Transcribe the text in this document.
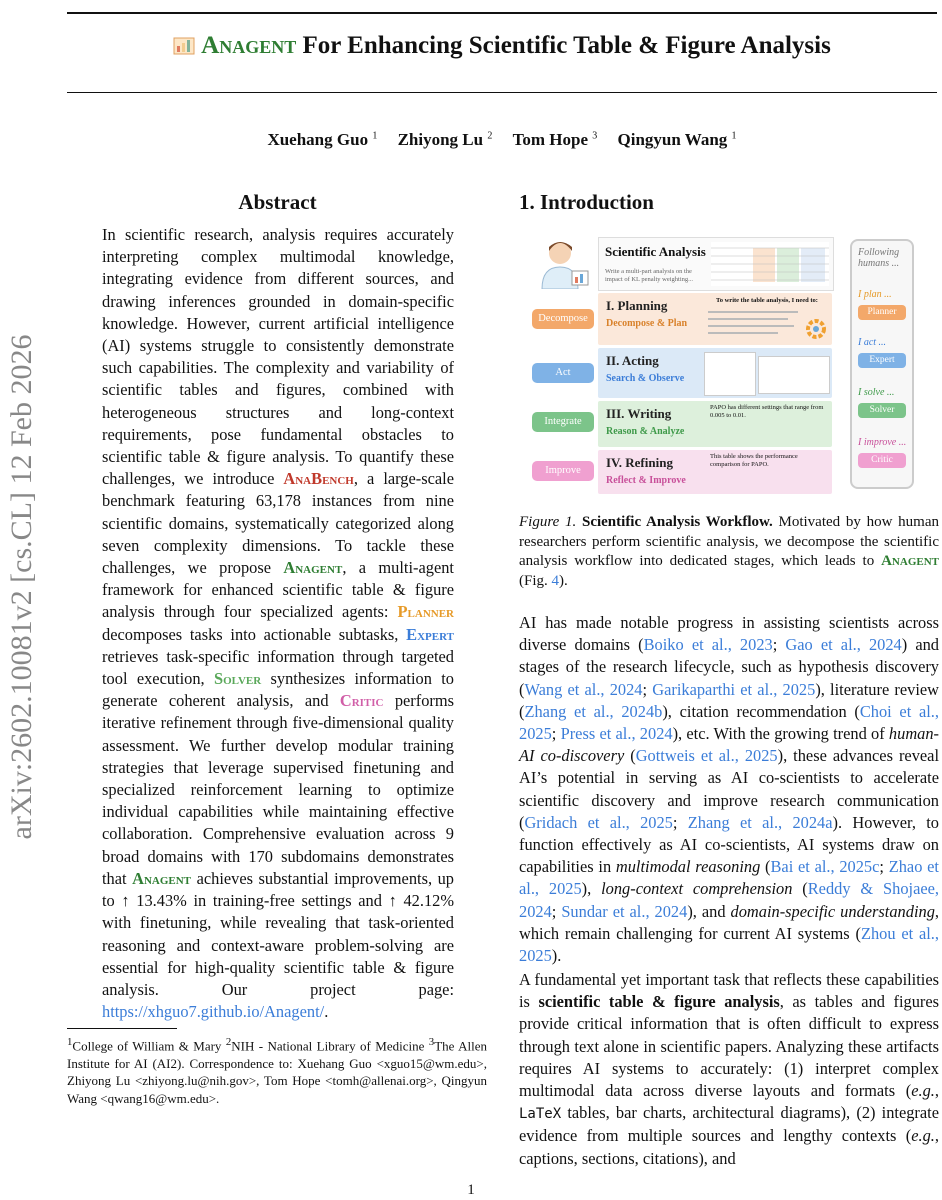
arXiv:2602.10081v2 [cs.CL] 12 Feb 2026
Anagent For Enhancing Scientific Table & Figure Analysis
Xuehang Guo $^1$ Zhiyong Lu $^2$ Tom Hope $^3$ Qingyun Wang $^1$
Abstract
In scientific research, analysis requires accurately interpreting complex multimodal knowledge, integrating evidence from different sources, and drawing inferences grounded in domain-specific knowledge. However, current artificial intelligence (AI) systems struggle to consistently demonstrate such capabilities. The complexity and variability of scientific tables and figures, combined with heterogeneous structures and long-context requirements, pose fundamental obstacles to scientific table & figure analysis. To quantify these challenges, we introduce AnaBench, a large-scale benchmark featuring 63,178 instances from nine scientific domains, systematically categorized along seven complexity dimensions. To tackle these challenges, we propose Anagent, a multi-agent framework for enhanced scientific table & figure analysis through four specialized agents: Planner decomposes tasks into actionable subtasks, Expert retrieves task-specific information through targeted tool execution, Solver synthesizes information to generate coherent analysis, and Critic performs iterative refinement through five-dimensional quality assessment. We further develop modular training strategies that leverage supervised finetuning and specialized reinforcement learning to optimize individual capabilities while maintaining effective collaboration. Comprehensive evaluation across 9 broad domains with 170 subdomains demonstrates that Anagent achieves substantial improvements, up to ↑ 13.43% in training-free settings and ↑ 42.12% with finetuning, while revealing that task-oriented reasoning and context-aware problem-solving are essential for high-quality scientific table & figure analysis. Our project page: https://xhguo7.github.io/Anagent/.
$^1$College of William & Mary $^2$NIH - National Library of Medicine $^3$The Allen Institute for AI (AI2). Correspondence to: Xuehang Guo <xguo15@wm.edu>, Zhiyong Lu <zhiyong.lu@nih.gov>, Tom Hope <tomh@allenai.org>, Qingyun Wang <qwang16@wm.edu>.
1. Introduction
Scientific Analysis
Write a multi-part analysis on the impact of KL penalty weighting...
I. Planning
Decompose & Plan
To write the table analysis, I need to:
II. Acting
Search & Observe
III. Writing
Reason & Analyze
PAPO has different settings that range from 0.005 to 0.01.
IV. Refining
Reflect & Improve
This table shows the performance comparison for PAPO.
Decompose
Act
Integrate
Improve
Following humans ...
I plan ...
Planner
I act ...
Expert
I solve ...
Solver
I improve ...
Critic
Figure 1. Scientific Analysis Workflow. Motivated by how human researchers perform scientific analysis, we decompose the scientific analysis workflow into dedicated stages, which leads to Anagent (Fig. 4).
AI has made notable progress in assisting scientists across diverse domains (Boiko et al., 2023; Gao et al., 2024) and stages of the research lifecycle, such as hypothesis discovery (Wang et al., 2024; Garikaparthi et al., 2025), literature review (Zhang et al., 2024b), citation recommendation (Choi et al., 2025; Press et al., 2024), etc. With the growing trend of human-AI co-discovery (Gottweis et al., 2025), these advances reveal AI’s potential in serving as AI co-scientists to accelerate scientific discovery and improve research communication (Gridach et al., 2025; Zhang et al., 2024a). However, to function effectively as AI co-scientists, AI systems draw on capabilities in multimodal reasoning (Bai et al., 2025c; Zhao et al., 2025), long-context comprehension (Reddy & Shojaee, 2024; Sundar et al., 2024), and domain-specific understanding, which remain challenging for current AI systems (Zhou et al., 2025).
A fundamental yet important task that reflects these capabilities is scientific table & figure analysis, as tables and figures provide critical information that is often difficult to express through text alone in scientific papers. Analyzing these artifacts requires AI systems to accurately: (1) interpret complex multimodal data across diverse layouts and formats (e.g., LaTeX tables, bar charts, architectural diagrams), (2) integrate evidence from multiple sources and lengthy contexts (e.g., captions, sections, citations), and
1
